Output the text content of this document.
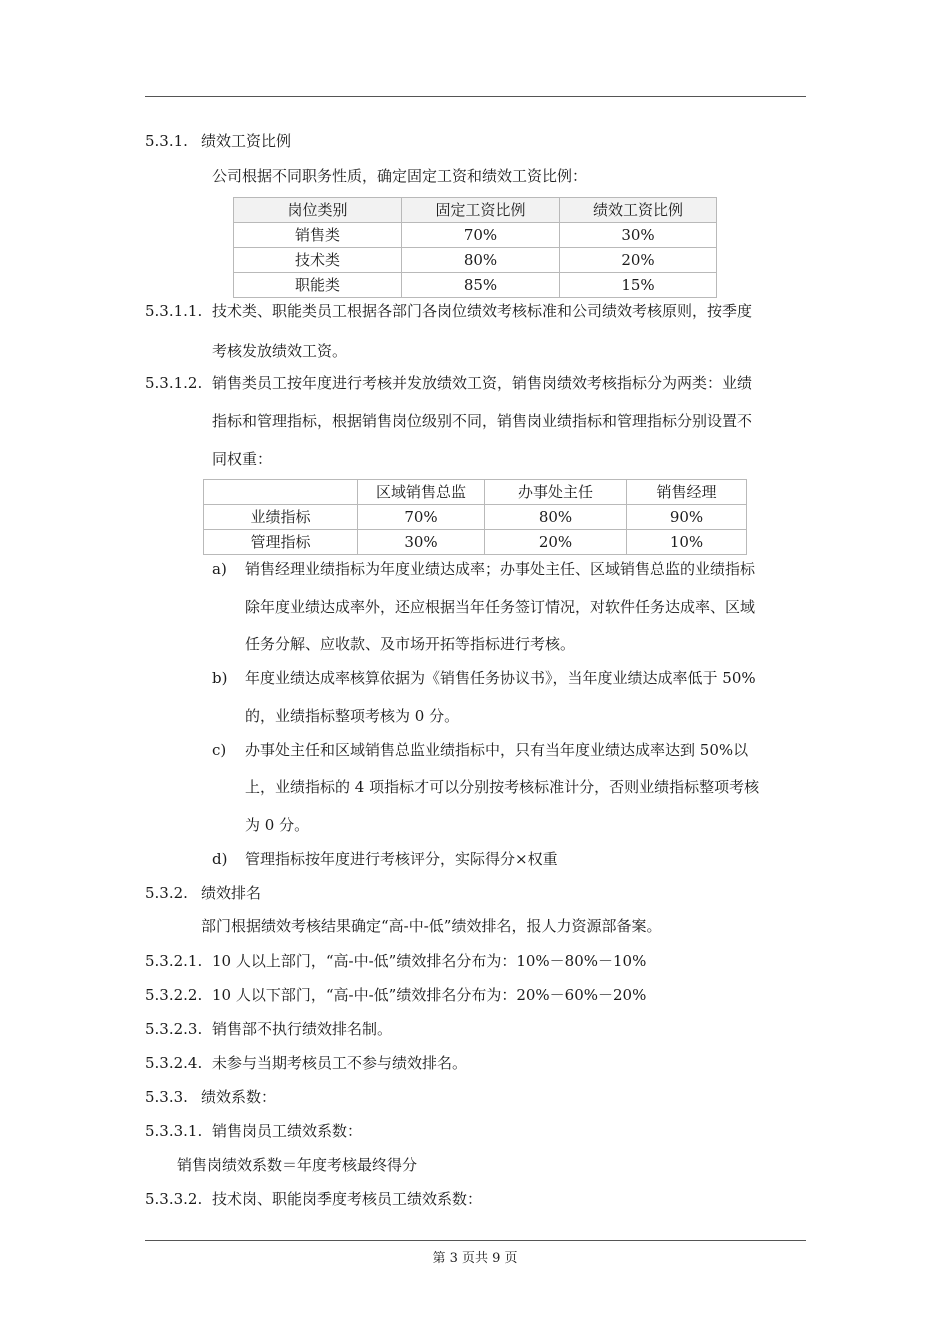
5.3.1. 绩效工资比例
公司根据不同职务性质，确定固定工资和绩效工资比例：
岗位类别	固定工资比例	绩效工资比例
销售类	70%	30%
技术类	80%	20%
职能类	85%	15%
5.3.1.1. 技术类、职能类员工根据各部门各岗位绩效考核标准和公司绩效考核原则，按季度
考核发放绩效工资。
5.3.1.2. 销售类员工按年度进行考核并发放绩效工资，销售岗绩效考核指标分为两类：业绩
指标和管理指标，根据销售岗位级别不同，销售岗业绩指标和管理指标分别设置不
同权重：
	区域销售总监	办事处主任	销售经理
业绩指标	70%	80%	90%
管理指标	30%	20%	10%
a) 销售经理业绩指标为年度业绩达成率；办事处主任、区域销售总监的业绩指标
除年度业绩达成率外，还应根据当年任务签订情况，对软件任务达成率、区域
任务分解、应收款、及市场开拓等指标进行考核。
b) 年度业绩达成率核算依据为《销售任务协议书》，当年度业绩达成率低于 50%
的，业绩指标整项考核为 0 分。
c) 办事处主任和区域销售总监业绩指标中，只有当年度业绩达成率达到 50%以
上，业绩指标的 4 项指标才可以分别按考核标准计分，否则业绩指标整项考核
为 0 分。
d) 管理指标按年度进行考核评分，实际得分×权重
5.3.2. 绩效排名
部门根据绩效考核结果确定“高-中-低”绩效排名，报人力资源部备案。
5.3.2.1. 10 人以上部门，“高-中-低”绩效排名分布为：10%－80%－10%
5.3.2.2. 10 人以下部门，“高-中-低”绩效排名分布为：20%－60%－20%
5.3.2.3. 销售部不执行绩效排名制。
5.3.2.4. 未参与当期考核员工不参与绩效排名。
5.3.3. 绩效系数：
5.3.3.1. 销售岗员工绩效系数：
销售岗绩效系数＝年度考核最终得分
5.3.3.2. 技术岗、职能岗季度考核员工绩效系数：
第 3 页共 9 页
